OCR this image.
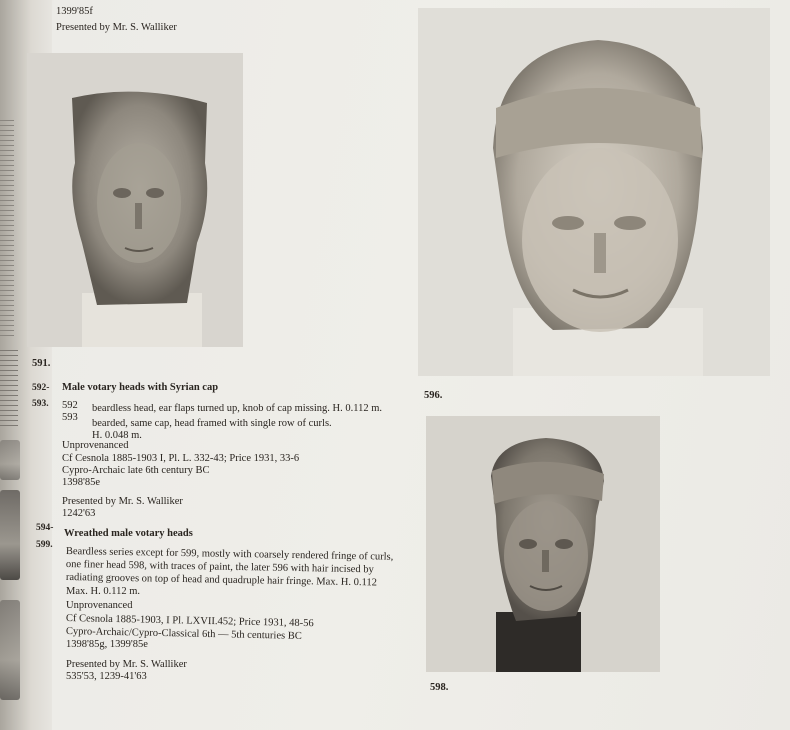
1399'85f
Presented by Mr. S. Walliker
591.
596.
598.
592- Male votary heads with Syrian cap
593. 592 beardless head, ear flaps turned up, knob of cap missing. H. 0.112 m.
593
bearded, same cap, head framed with single row of curls.
H. 0.048 m.
Unprovenanced
Cf Cesnola 1885-1903 I, Pl. L. 332-43; Price 1931, 33-6
Cypro-Archaic late 6th century BC
1398'85e
Presented by Mr. S. Walliker
1242'63
594- Wreathed male votary heads
599.
Beardless series except for 599, mostly with coarsely rendered fringe of curls,
one finer head 598, with traces of paint, the later 596 with hair incised by
radiating grooves on top of head and quadruple hair fringe. Max. H. 0.112
Max. H. 0.112 m.
Unprovenanced
Cf Cesnola 1885-1903, I Pl. LXVII.452; Price 1931, 48-56
Cypro-Archaic/Cypro-Classical 6th — 5th centuries BC
1398'85g, 1399'85e
Presented by Mr. S. Walliker
535'53, 1239-41'63
